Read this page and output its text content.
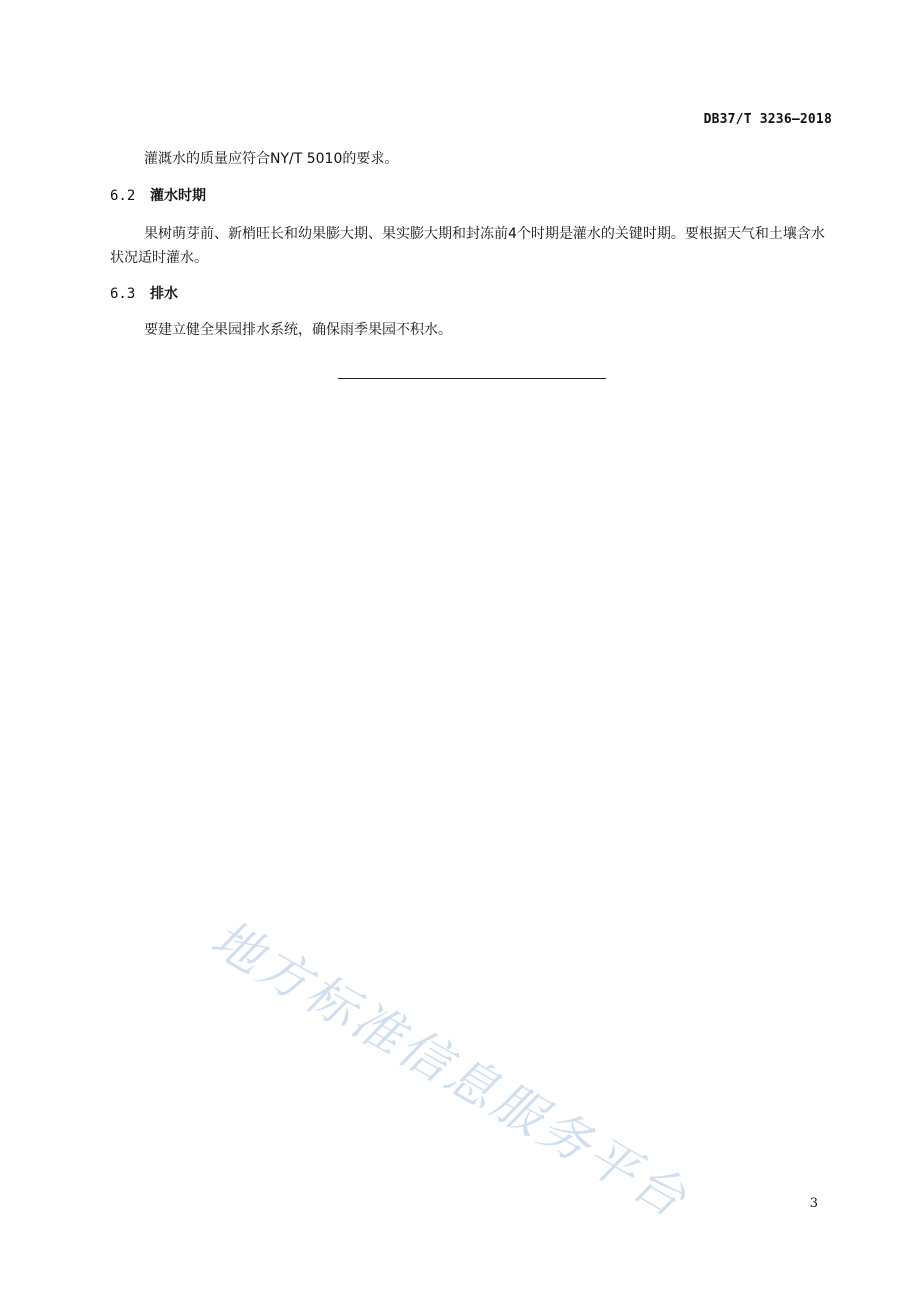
DB37/T 3236—2018

灌溉水的质量应符合NY/T 5010的要求。

6.2 灌水时期

果树萌芽前、新梢旺长和幼果膨大期、果实膨大期和封冻前4个时期是灌水的关键时期。要根据天气和土壤含水状况适时灌水。

6.3 排水

要建立健全果园排水系统，确保雨季果园不积水。

地方标准信息服务平台	3
